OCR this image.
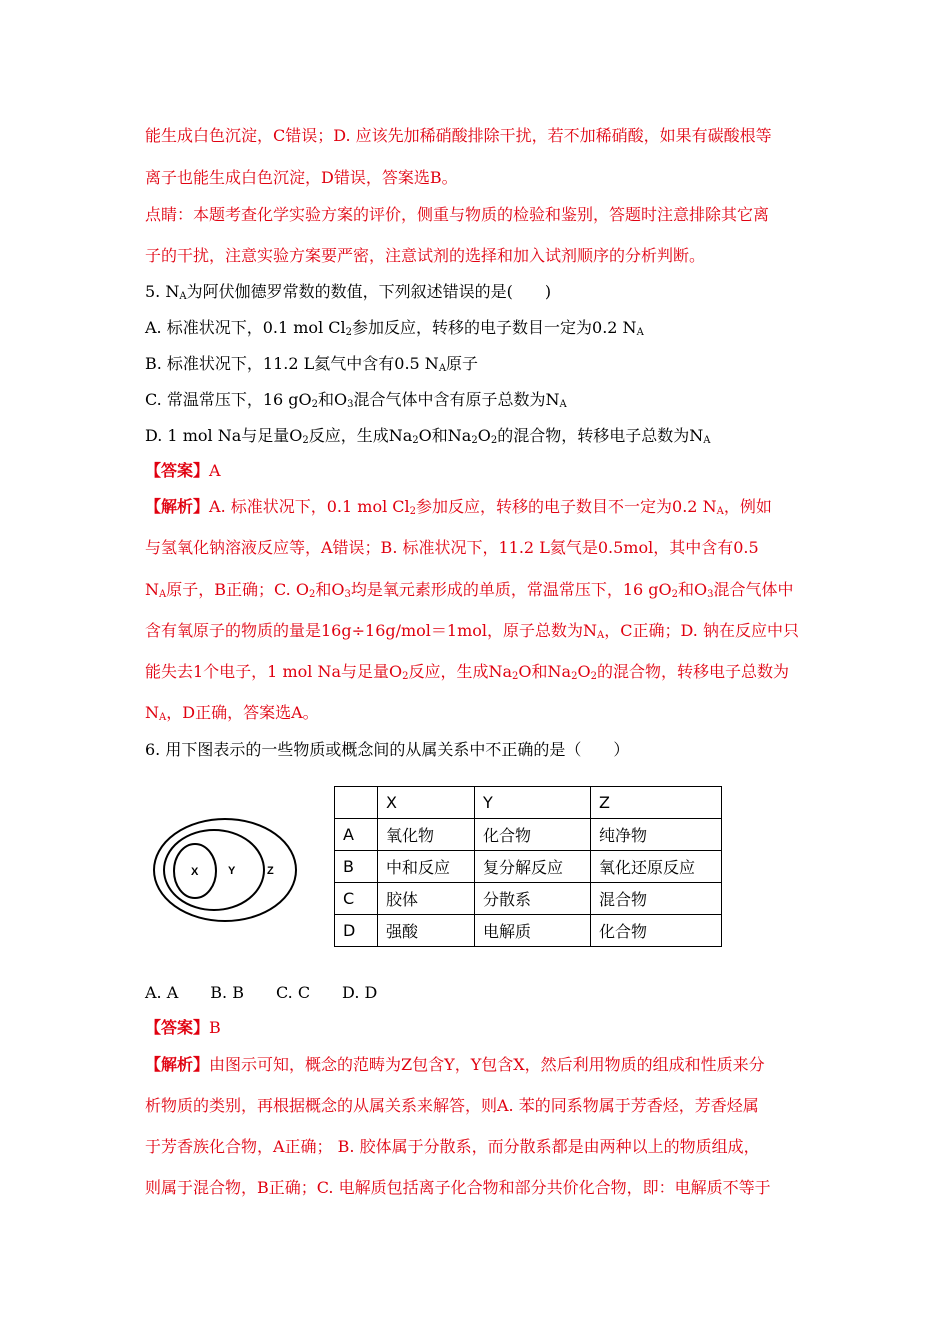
能生成白色沉淀，C错误；D. 应该先加稀硝酸排除干扰，若不加稀硝酸，如果有碳酸根等
离子也能生成白色沉淀，D错误，答案选B。
点睛：本题考查化学实验方案的评价，侧重与物质的检验和鉴别，答题时注意排除其它离
子的干扰，注意实验方案要严密，注意试剂的选择和加入试剂顺序的分析判断。
5. $N_A$为阿伏伽德罗常数的数值，下列叙述错误的是(　　)
A. 标准状况下，0.1 mol $Cl_2$参加反应，转移的电子数目一定为0.2 $N_A$
B. 标准状况下，11.2 L氦气中含有0.5 $N_A$原子
C. 常温常压下，16 $gO_2$和$O_3$混合气体中含有原子总数为$N_A$
D. 1 mol Na与足量$O_2$反应，生成$Na_2O$和$Na_2O_2$的混合物，转移电子总数为$N_A$
【答案】A
【解析】A. 标准状况下，0.1 mol $Cl_2$参加反应，转移的电子数目不一定为0.2 $N_A$，例如
与氢氧化钠溶液反应等，A错误；B. 标准状况下，11.2 L氦气是0.5mol，其中含有0.5
$N_A$原子，B正确；C. $O_2$和$O_3$均是氧元素形成的单质，常温常压下，16 $gO_2$和$O_3$混合气体中
含有氧原子的物质的量是16g÷16g/mol＝1mol，原子总数为$N_A$，C正确；D. 钠在反应中只
能失去1个电子，1 mol Na与足量$O_2$反应，生成$Na_2O$和$Na_2O_2$的混合物，转移电子总数为
$N_A$，D正确，答案选A。
6. 用下图表示的一些物质或概念间的从属关系中不正确的是（　　）
A. A　　B. B　　C. C　　D. D
【答案】B
【解析】由图示可知，概念的范畴为Z包含Y，Y包含X，然后利用物质的组成和性质来分
析物质的类别，再根据概念的从属关系来解答，则A. 苯的同系物属于芳香烃，芳香烃属
于芳香族化合物，A正确； B. 胶体属于分散系，而分散系都是由两种以上的物质组成，
则属于混合物，B正确；C. 电解质包括离子化合物和部分共价化合物，即：电解质不等于
X	Y	Z
	X	Y	Z
A	氧化物	化合物	纯净物
B	中和反应	复分解反应	氧化还原反应
C	胶体	分散系	混合物
D	强酸	电解质	化合物
